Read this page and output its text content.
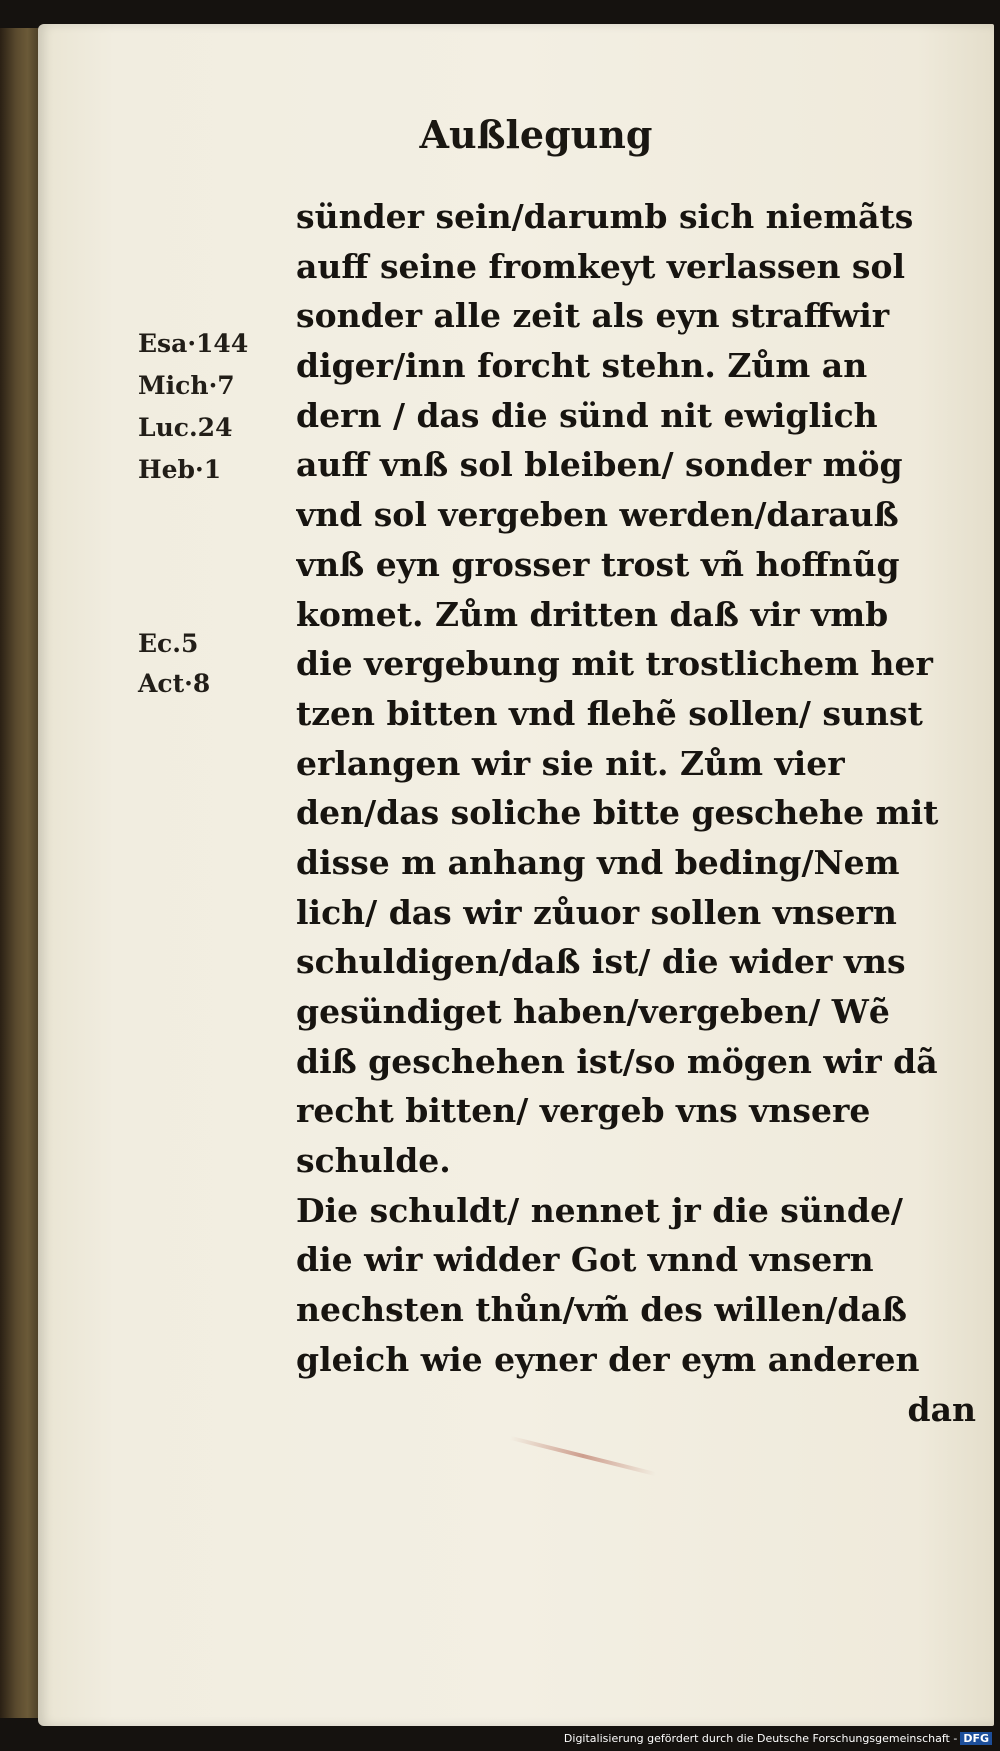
Außlegung
Esa·144
Mich·7
Luc.24
Heb·1
Ec.5
Act·8
sünder sein/darumb sich niemãts
auff seine fromkeyt verlassen sol
sonder alle zeit als eyn straffwir
diger/inn forcht stehn. Zům an
dern / das die sünd nit ewiglich
auff vnß sol bleiben/ sonder mög
vnd sol vergeben werden/darauß
vnß eyn grosser trost vñ hoffnũg
komet. Zům dritten daß vir vmb
die vergebung mit trostlichem her
tzen bitten vnd flehẽ sollen/ sunst
erlangen wir sie nit. Zům vier
den/das soliche bitte geschehe mit
disse m anhang vnd beding/Nem
lich/ das wir zůuor sollen vnsern
schuldigen/daß ist/ die wider vns
gesündiget haben/vergeben/ Wẽ
diß geschehen ist/so mögen wir dã
recht bitten/ vergeb vns vnsere
schulde.
Die schuldt/ nennet jr die sünde/
die wir widder Got vnnd vnsern
nechsten thůn/vm̃ des willen/daß
gleich wie eyner der eym anderen
dan
Digitalisierung gefördert durch die Deutsche Forschungsgemeinschaft - DFG
